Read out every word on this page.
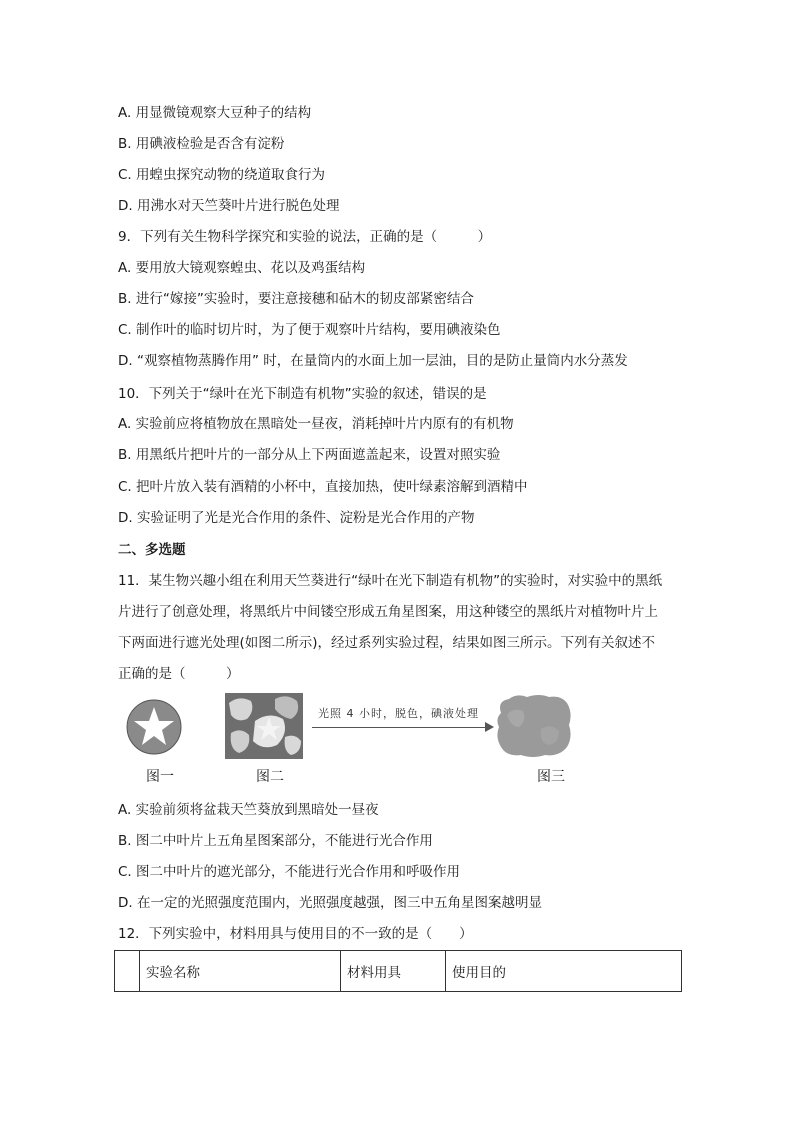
A. 用显微镜观察大豆种子的结构
B. 用碘液检验是否含有淀粉
C. 用蝗虫探究动物的绕道取食行为
D. 用沸水对天竺葵叶片进行脱色处理
9．下列有关生物科学探究和实验的说法，正确的是（　　　）
A. 要用放大镜观察蝗虫、花以及鸡蛋结构
B. 进行“嫁接”实验时，要注意接穗和砧木的韧皮部紧密结合
C. 制作叶的临时切片时，为了便于观察叶片结构，要用碘液染色
D. “观察植物蒸腾作用” 时，在量筒内的水面上加一层油，目的是防止量筒内水分蒸发
10．下列关于“绿叶在光下制造有机物”实验的叙述，错误的是
A. 实验前应将植物放在黑暗处一昼夜，消耗掉叶片内原有的有机物
B. 用黑纸片把叶片的一部分从上下两面遮盖起来，设置对照实验
C. 把叶片放入装有酒精的小杯中，直接加热，使叶绿素溶解到酒精中
D. 实验证明了光是光合作用的条件、淀粉是光合作用的产物
二、多选题
11．某生物兴趣小组在利用天竺葵进行“绿叶在光下制造有机物”的实验时，对实验中的黑纸
片进行了创意处理，将黑纸片中间镂空形成五角星图案，用这种镂空的黑纸片对植物叶片上
下两面进行遮光处理(如图二所示)，经过系列实验过程，结果如图三所示。下列有关叙述不
正确的是（　　　）
光照 4 小时，脱色，碘液处理
图一	图二	图三
A. 实验前须将盆栽天竺葵放到黑暗处一昼夜
B. 图二中叶片上五角星图案部分，不能进行光合作用
C. 图二中叶片的遮光部分，不能进行光合作用和呼吸作用
D. 在一定的光照强度范围内，光照强度越强，图三中五角星图案越明显
12．下列实验中，材料用具与使用目的不一致的是（　　）
	实验名称	材料用具	使用目的
